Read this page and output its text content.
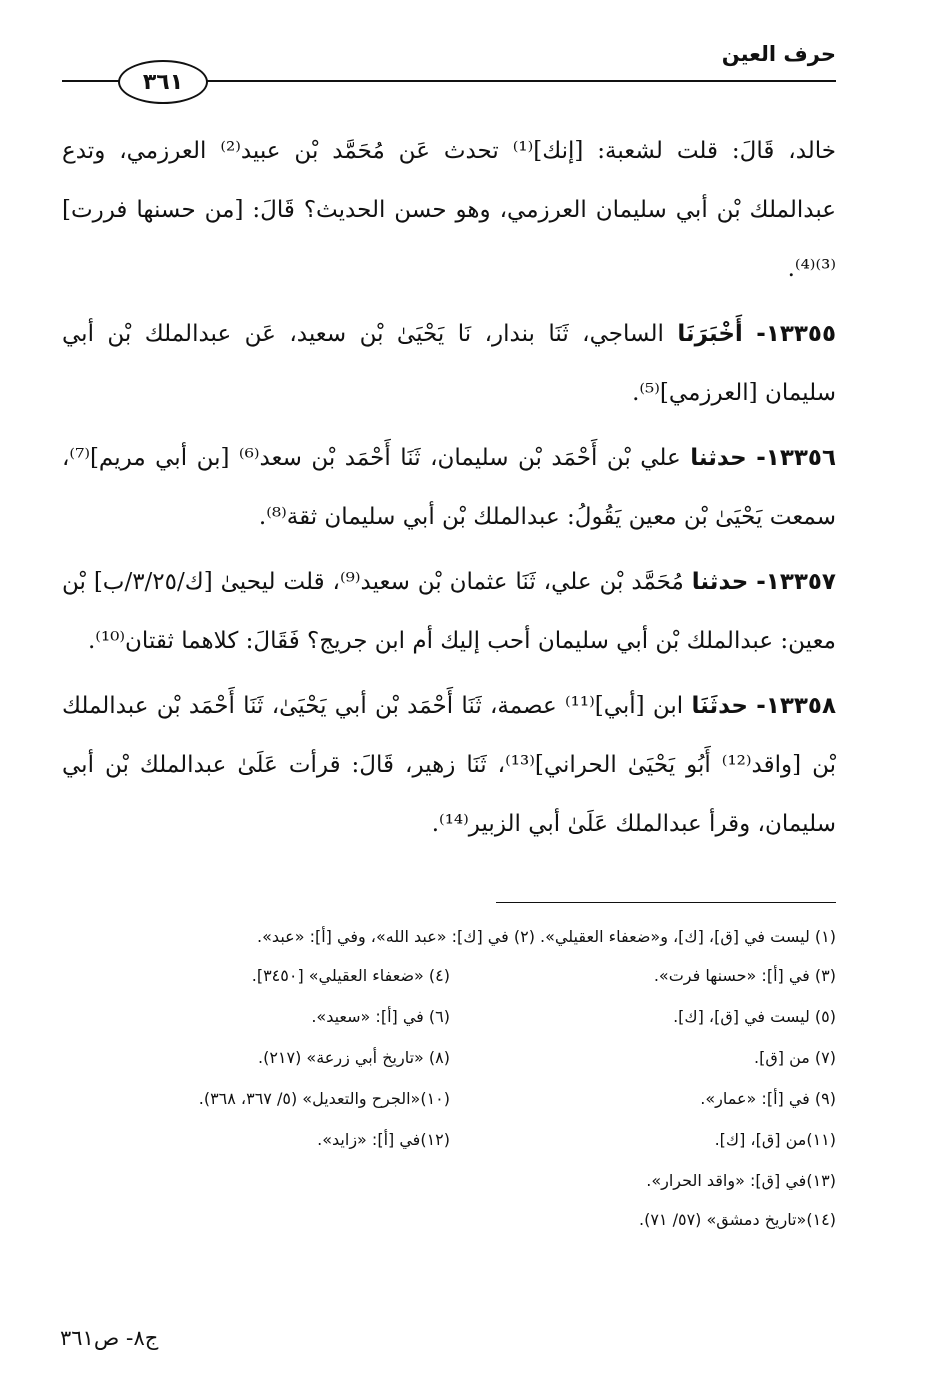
حرف العين
٣٦١

خالد، قَالَ: قلت لشعبة: [إنك]⁽¹⁾ تحدث عَن مُحَمَّد بْن عبيد⁽²⁾ العرزمي، وتدع عبدالملك بْن أبي سليمان العرزمي، وهو حسن الحديث؟ قَالَ: [من حسنها فررت]⁽³⁾⁽⁴⁾.

١٣٣٥٥- أَخْبَرَنَا الساجي، ثَنَا بندار، نَا يَحْيَىٰ بْن سعيد، عَن عبدالملك بْن أبي سليمان [العرزمي]⁽⁵⁾.

١٣٣٥٦- حدثنا علي بْن أَحْمَد بْن سليمان، ثَنَا أَحْمَد بْن سعد⁽⁶⁾ [بن أبي مريم]⁽⁷⁾، سمعت يَحْيَىٰ بْن معين يَقُولُ: عبدالملك بْن أبي سليمان ثقة⁽⁸⁾.

١٣٣٥٧- حدثنا مُحَمَّد بْن علي، ثَنَا عثمان بْن سعيد⁽⁹⁾، قلت ليحيىٰ [ك/٣/٢٥/ب] بْن معين: عبدالملك بْن أبي سليمان أحب إليك أم ابن جريج؟ فَقَالَ: كلاهما ثقتان⁽¹⁰⁾.

١٣٣٥٨- حدثَنَا ابن [أبي]⁽¹¹⁾ عصمة، ثَنَا أَحْمَد بْن أبي يَحْيَىٰ، ثَنَا أَحْمَد بْن عبدالملك بْن [واقد⁽¹²⁾ أَبُو يَحْيَىٰ الحراني]⁽¹³⁾، ثَنَا زهير، قَالَ: قرأت عَلَىٰ عبدالملك بْن أبي سليمان، وقرأ عبدالملك عَلَىٰ أبي الزبير⁽¹⁴⁾.

(١) ليست في [ق]، [ك]، و«ضعفاء العقيلي». (٢) في [ك]: «عبد الله»، وفي [أ]: «عبد».
(٣) في [أ]: «حسنها فرت».
(٤) «ضعفاء العقيلي» [٣٤٥٠].
(٥) ليست في [ق]، [ك].
(٦) في [أ]: «سعيد».
(٧) من [ق].
(٨) «تاريخ أبي زرعة» (٢١٧).
(٩) في [أ]: «عمار».
(١٠)«الجرح والتعديل» (٥/ ٣٦٧، ٣٦٨).
(١١)من [ق]، [ك].
(١٢)في [أ]: «زايد».
(١٣)في [ق]: «واقد الحرار».
(١٤)«تاريخ دمشق» (٥٧/ ٧١).
ج٨- ص٣٦١
